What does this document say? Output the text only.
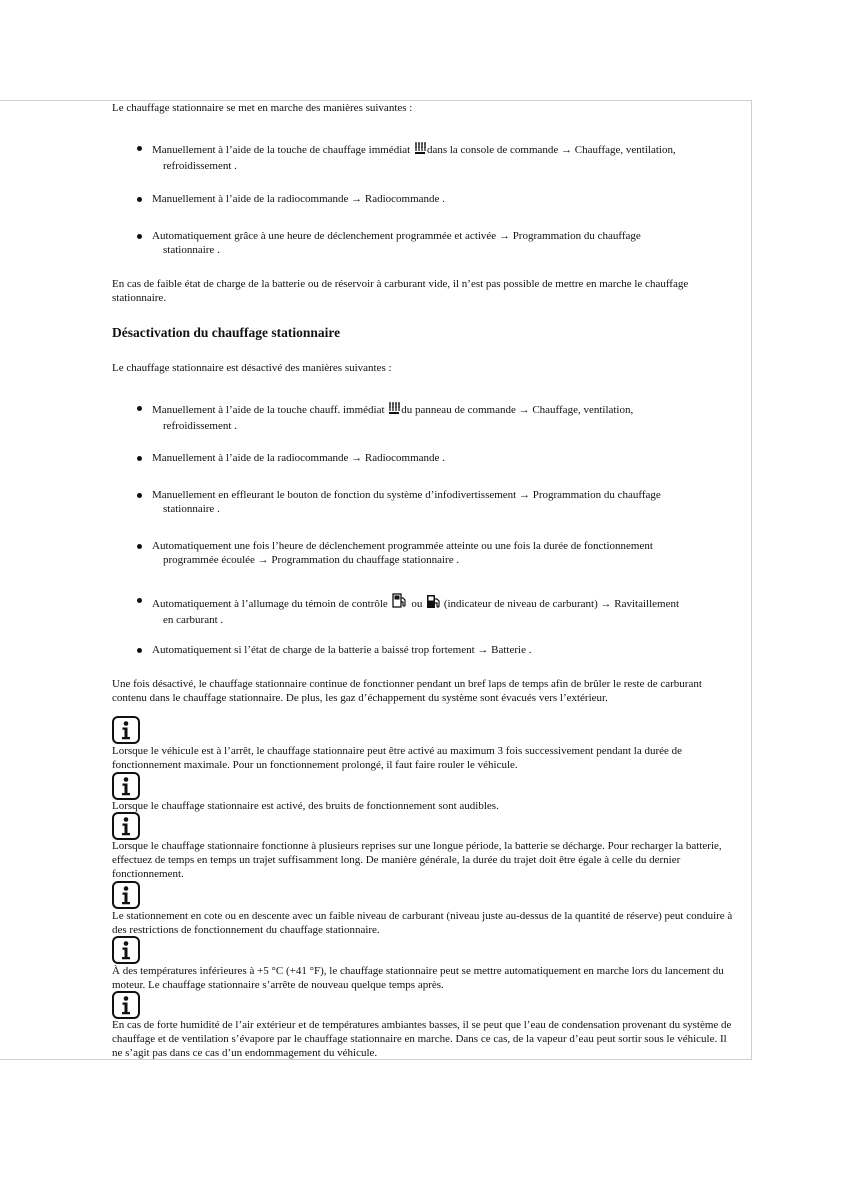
Le chauffage stationnaire se met en marche des manières suivantes :
Manuellement à l’aide de la touche de chauffage immédiat dans la console de commande → Chauffage, ventilation,
refroidissement .
Manuellement à l’aide de la radiocommande → Radiocommande .
Automatiquement grâce à une heure de déclenchement programmée et activée → Programmation du chauffage
stationnaire .
En cas de faible état de charge de la batterie ou de réservoir à carburant vide, il n’est pas possible de mettre en marche le chauffage stationnaire.
Désactivation du chauffage stationnaire
Le chauffage stationnaire est désactivé des manières suivantes :
Manuellement à l’aide de la touche chauff. immédiat du panneau de commande → Chauffage, ventilation,
refroidissement .
Manuellement à l’aide de la radiocommande → Radiocommande .
Manuellement en effleurant le bouton de fonction du système d’infodivertissement → Programmation du chauffage
stationnaire .
Automatiquement une fois l’heure de déclenchement programmée atteinte ou une fois la durée de fonctionnement
programmée écoulée → Programmation du chauffage stationnaire .
Automatiquement à l’allumage du témoin de contrôle ou (indicateur de niveau de carburant) → Ravitaillement
en carburant .
Automatiquement si l’état de charge de la batterie a baissé trop fortement → Batterie .
Une fois désactivé, le chauffage stationnaire continue de fonctionner pendant un bref laps de temps afin de brûler le reste de carburant contenu dans le chauffage stationnaire. De plus, les gaz d’échappement du système sont évacués vers l’extérieur.
Lorsque le véhicule est à l’arrêt, le chauffage stationnaire peut être activé au maximum 3 fois successivement pendant la durée de fonctionnement maximale. Pour un fonctionnement prolongé, il faut faire rouler le véhicule.
Lorsque le chauffage stationnaire est activé, des bruits de fonctionnement sont audibles.
Lorsque le chauffage stationnaire fonctionne à plusieurs reprises sur une longue période, la batterie se décharge. Pour recharger la batterie, effectuez de temps en temps un trajet suffisamment long. De manière générale, la durée du trajet doit être égale à celle du dernier fonctionnement.
Le stationnement en cote ou en descente avec un faible niveau de carburant (niveau juste au-dessus de la quantité de réserve) peut conduire à des restrictions de fonctionnement du chauffage stationnaire.
À des températures inférieures à +5 °C (+41 °F), le chauffage stationnaire peut se mettre automatiquement en marche lors du lancement du moteur. Le chauffage stationnaire s’arrête de nouveau quelque temps après.
En cas de forte humidité de l’air extérieur et de températures ambiantes basses, il se peut que l’eau de condensation provenant du système de chauffage et de ventilation s’évapore par le chauffage stationnaire en marche. Dans ce cas, de la vapeur d’eau peut sortir sous le véhicule. Il ne s’agit pas dans ce cas d’un endommagement du véhicule.
